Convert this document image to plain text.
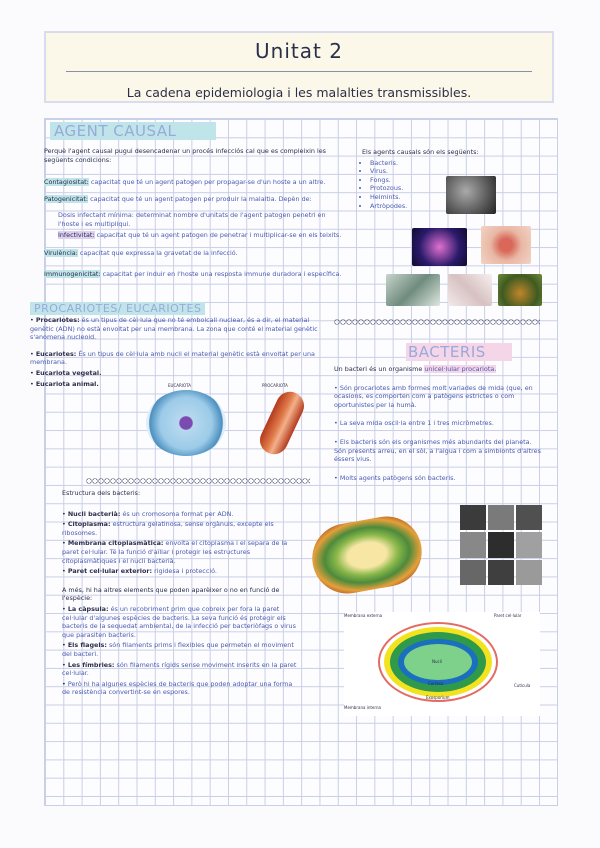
Unitat 2
La cadena epidemiologia i les malalties transmissibles.
AGENT CAUSAL

Perquè l'agent causal pugui desencadenar un procés infecciós cal que es compleixin les següents condicions:

Contagiositat: capacitat que té un agent patogen per propagar-se d'un hoste a un altre.

Patogenicitat: capacitat que té un agent patogen per produir la malaltia. Depèn de:

Dosis infectant mínima: determinat nombre d'unitats de l'agent patogen penetri en l'hoste i es multipliqui.

Infectivitat: capacitat que té un agent patogen de penetrar i multiplicar-se en els teixits.

Virulència: capacitat que expressa la gravetat de la infecció.

Immunogenicitat: capacitat per induir en l'hoste una resposta immune duradora i específica.

Els agents causals són els següents:

• Bacteris.
• Virus.
• Fongs.
• Protozous.
• Helmints.
• Artròpodes.
PROCARIOTES/ EUCARIOTES

• Procariotes: és un tipus de cèl·lula que no té embolcall nuclear, és a dir, el material genètic (ADN) no està envoltat per una membrana. La zona que conté el material genètic s'anomena nucleoid.

• Eucariotes: És un tipus de cèl·lula amb nucli el material genètic està envoltat per una membrana.

• Eucariota vegetal.

• Eucariota animal.	EUCARIOTA	PROCARIOTA
BACTERIS

Un bacteri és un organisme unicel·lular procariota.

• Són procariotes amb formes molt variades de mida (que, en ocasions, es comporten com a patògens estrictes o com oportunistes per la humà.

• La seva mida oscil·la entre 1 i tres micròmetres.

• Els bacteris són els organismes més abundants del planeta. Són presents arreu, en el sòl, a l'aigua i com a simbionts d'altres éssers vius.

• Molts agents patògens són bacteris.

Estructura dels bacteris:

• Nucli bacterià: és un cromosoma format per ADN.

• Citoplasma: estructura gelatinosa, sense orgànuls, excepte els ribosomes.

• Membrana citoplasmàtica: envolta el citoplasma i el separa de la paret cel·lular. Té la funció d'aïllar i protegir les estructures citoplasmàtiques i el nucli bacterià.

• Paret cel·lular exterior: rigidesa i protecció.

A més, hi ha altres elements que poden aparèixer o no en funció de l'espècie:

• La càpsula: és un recobriment prim que cobreix per fora la paret cel·lular d'algunes espècies de bacteris. La seva funció és protegir els bacteris de la sequedat ambiental, de la infecció per bacteriòfags o virus que parasiten bacteris.

• Els flagels: són filaments prims i flexibles que permeten el moviment del bacteri.

• Les fímbries: són filaments rígids sense moviment inserits en la paret cel·lular.

• Però hi ha algunes espècies de bacteris que poden adoptar una forma de resistència convertint-se en espores.

Membrana externa	Paret cel·lular
Nucli
Cortesa
Exosporium
Cutícula
Membrana interna
